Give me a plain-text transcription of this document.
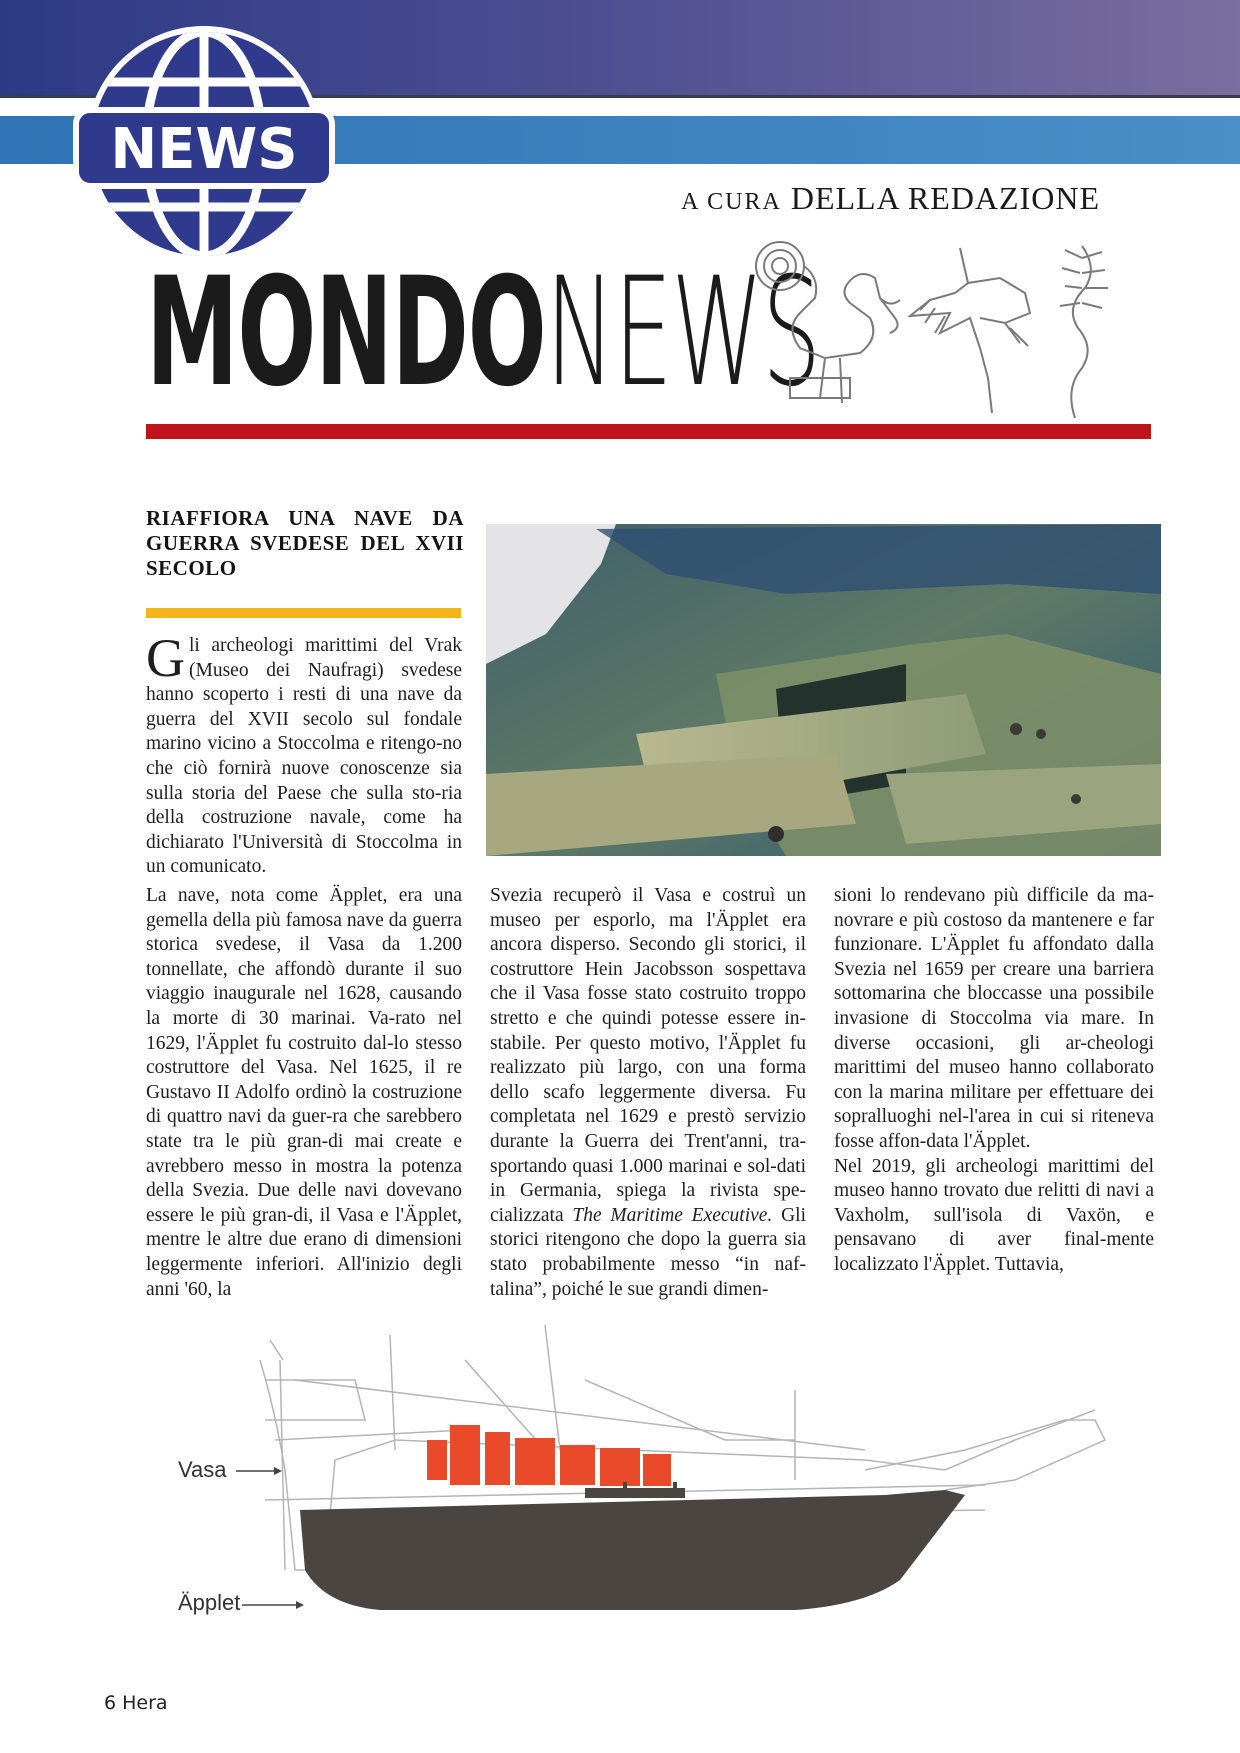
NEWS
A CURA DELLA REDAZIONE
MONDONEWS
RIAFFIORA UNA NAVE DA GUERRA SVEDESE DEL XVII SECOLO

Gli archeologi marittimi del Vrak (Museo dei Naufragi) svedese hanno scoperto i resti di una nave da guerra del XVII secolo sul fondale marino vicino a Stoccolma e ritengo-no che ciò fornirà nuove conoscenze sia sulla storia del Paese che sulla sto-ria della costruzione navale, come ha dichiarato l'Università di Stoccolma in un comunicato.

La nave, nota come Äpplet, era una gemella della più famosa nave da guerra storica svedese, il Vasa da 1.200 tonnellate, che affondò durante il suo viaggio inaugurale nel 1628, causando la morte di 30 marinai. Va-rato nel 1629, l'Äpplet fu costruito dal-lo stesso costruttore del Vasa. Nel 1625, il re Gustavo II Adolfo ordinò la costruzione di quattro navi da guer-ra che sarebbero state tra le più gran-di mai create e avrebbero messo in mostra la potenza della Svezia. Due delle navi dovevano essere le più gran-di, il Vasa e l'Äpplet, mentre le altre due erano di dimensioni leggermente inferiori. All'inizio degli anni '60, la

Svezia recuperò il Vasa e costruì un museo per esporlo, ma l'Äpplet era ancora disperso. Secondo gli storici, il costruttore Hein Jacobsson sospettava che il Vasa fosse stato costruito troppo stretto e che quindi potesse essere in-stabile. Per questo motivo, l'Äpplet fu realizzato più largo, con una forma dello scafo leggermente diversa. Fu completata nel 1629 e prestò servizio durante la Guerra dei Trent'anni, tra-sportando quasi 1.000 marinai e sol-dati in Germania, spiega la rivista spe-cializzata The Maritime Executive. Gli storici ritengono che dopo la guerra sia stato probabilmente messo “in naf-talina”, poiché le sue grandi dimen-

sioni lo rendevano più difficile da ma-novrare e più costoso da mantenere e far funzionare. L'Äpplet fu affondato dalla Svezia nel 1659 per creare una barriera sottomarina che bloccasse una possibile invasione di Stoccolma via mare. In diverse occasioni, gli ar-cheologi marittimi del museo hanno collaborato con la marina militare per effettuare dei sopralluoghi nel-l'area in cui si riteneva fosse affon-data l'Äpplet.

Nel 2019, gli archeologi marittimi del museo hanno trovato due relitti di navi a Vaxholm, sull'isola di Vaxön, e pensavano di aver final-mente localizzato l'Äpplet. Tuttavia,

Vasa
Äpplet
6 Hera
